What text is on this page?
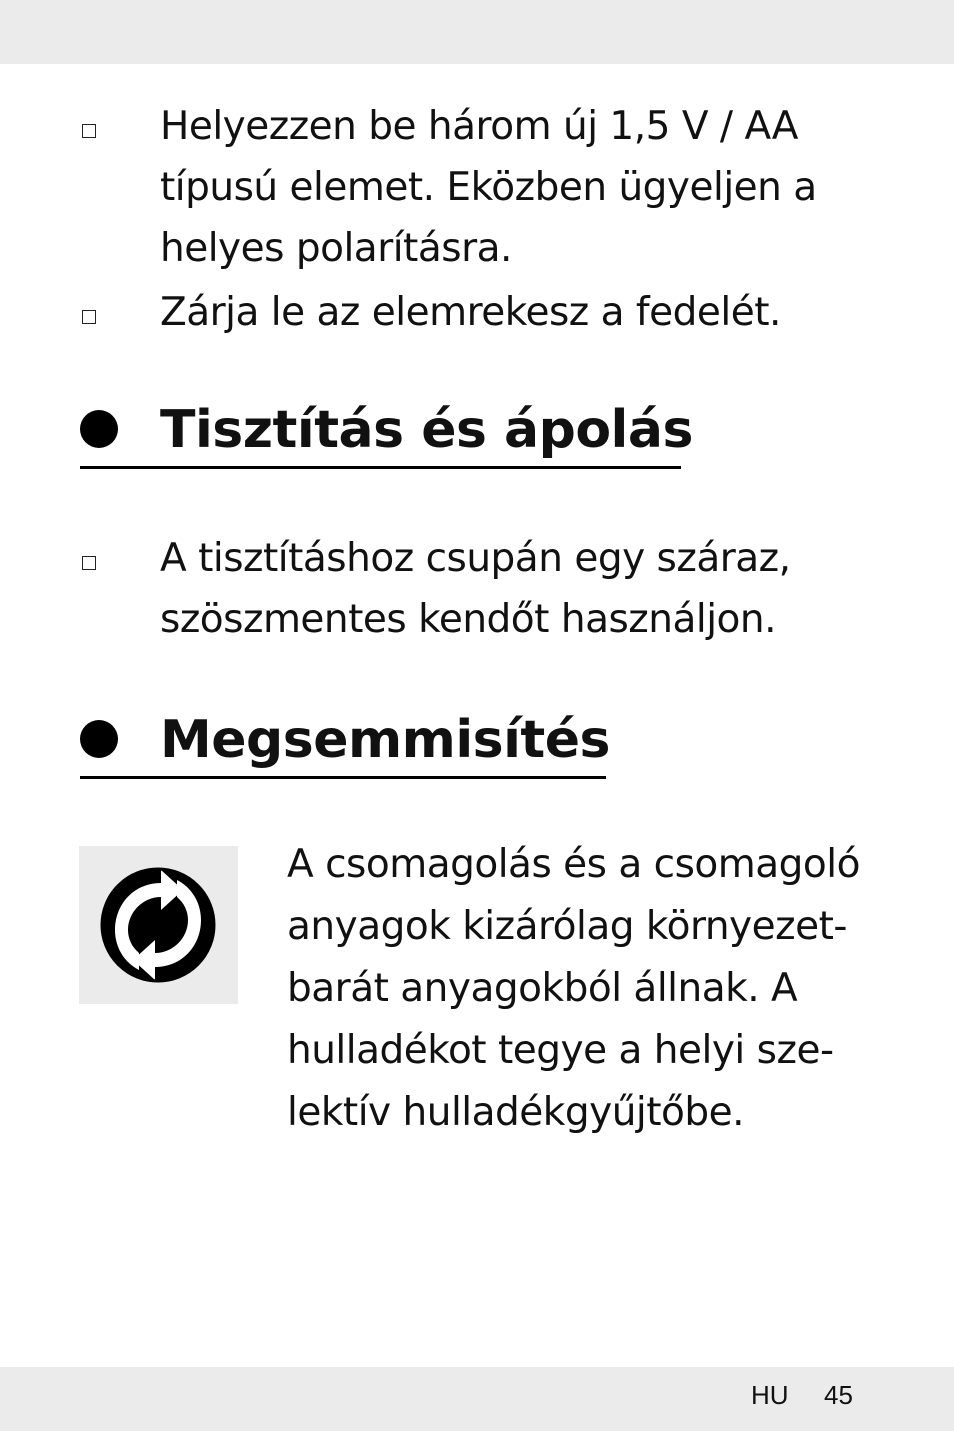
Helyezzen be három új 1,5 V / AA
típusú elemet. Eközben ügyeljen a
helyes polarításra.
Zárja le az elemrekesz a fedelét.
Tisztítás és ápolás
A tisztításhoz csupán egy száraz,
szöszmentes kendőt használjon.
Megsemmisítés
A csomagolás és a csomagoló
anyagok kizárólag környezet-
barát anyagokból állnak. A
hulladékot tegye a helyi sze-
lektív hulladékgyűjtőbe.
HU 45
